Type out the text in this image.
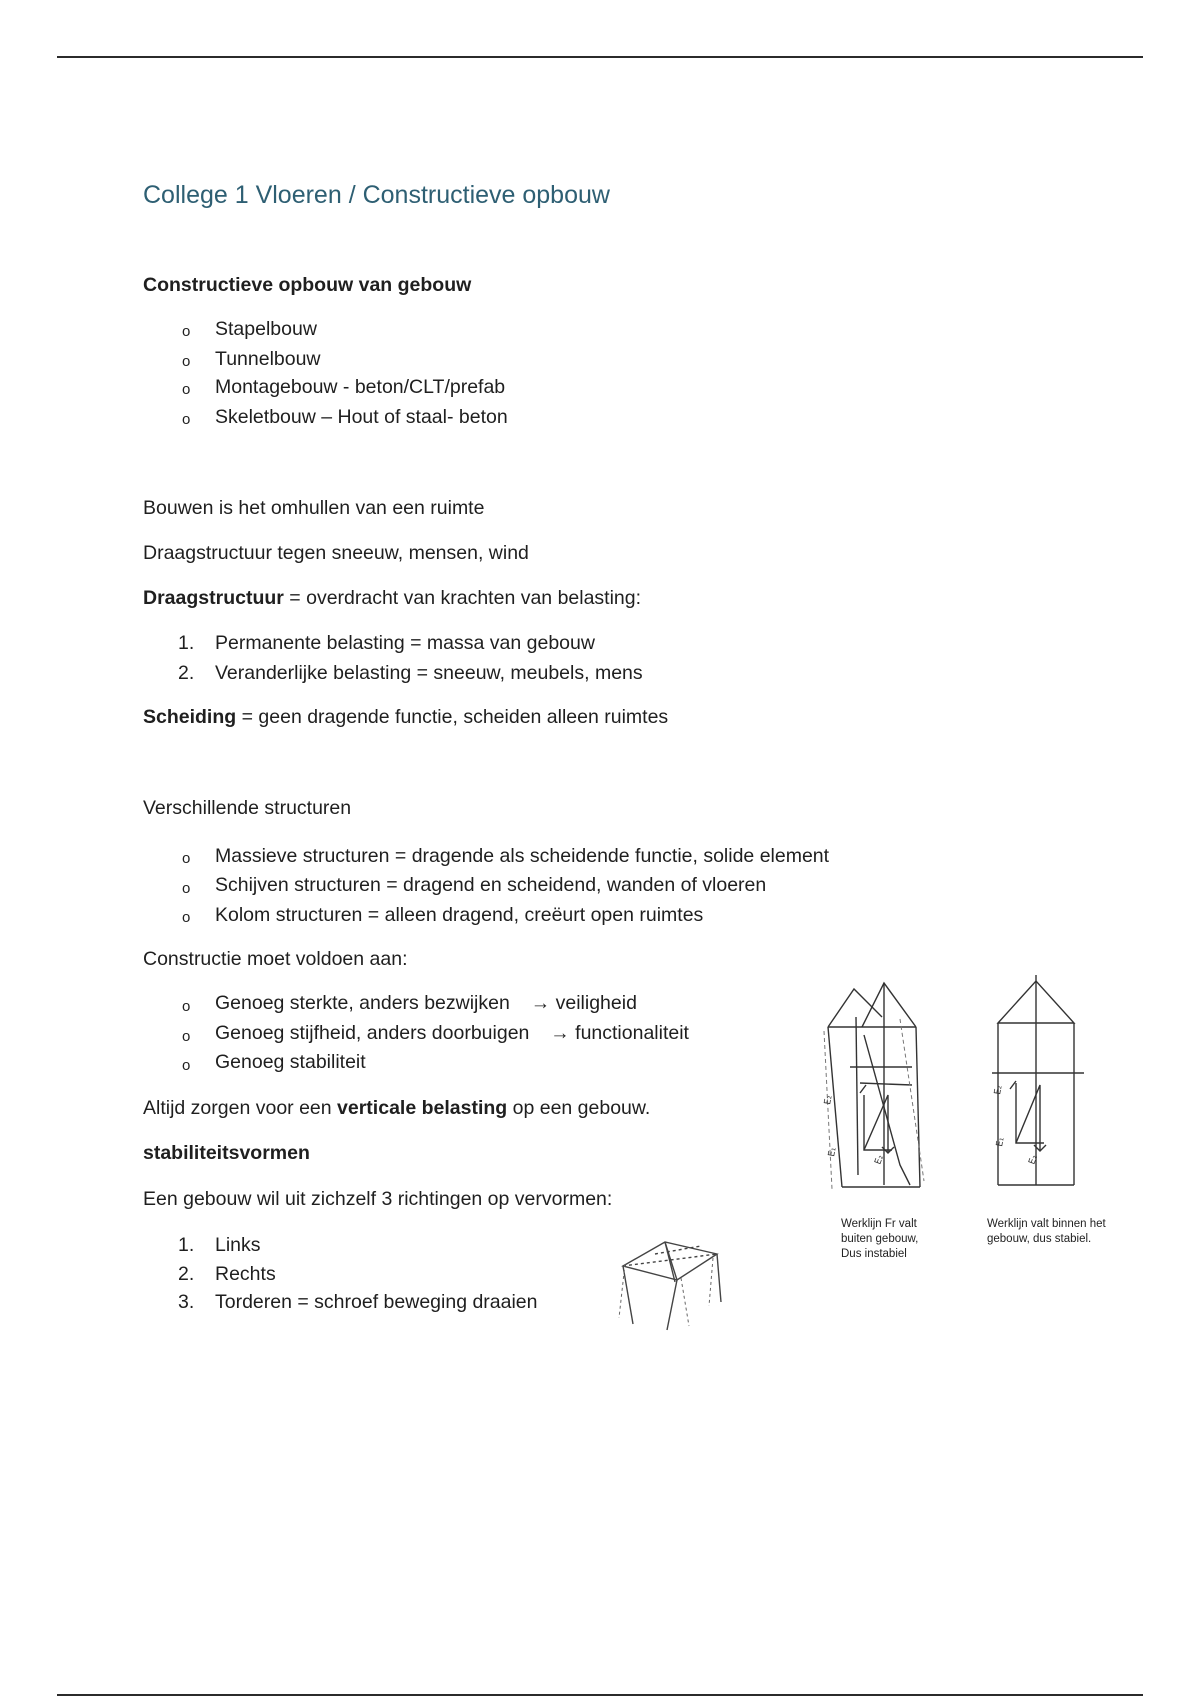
College 1 Vloeren / Constructieve opbouw
Constructieve opbouw van gebouw
o Stapelbouw
o Tunnelbouw
o Montagebouw - beton/CLT/prefab
o Skeletbouw – Hout of staal- beton
Bouwen is het omhullen van een ruimte
Draagstructuur tegen sneeuw, mensen, wind
Draagstructuur = overdracht van krachten van belasting:
1. Permanente belasting = massa van gebouw
2. Veranderlijke belasting = sneeuw, meubels, mens
Scheiding = geen dragende functie, scheiden alleen ruimtes
Verschillende structuren
o Massieve structuren = dragende als scheidende functie, solide element
o Schijven structuren = dragend en scheidend, wanden of vloeren
o Kolom structuren = alleen dragend, creëurt open ruimtes
Constructie moet voldoen aan:
o Genoeg sterkte, anders bezwijken → veiligheid
o Genoeg stijfheid, anders doorbuigen → functionaliteit
o Genoeg stabiliteit
Altijd zorgen voor een verticale belasting op een gebouw.
stabiliteitsvormen
Een gebouw wil uit zichzelf 3 richtingen op vervormen:
1. Links
2. Rechts
3. Torderen = schroef beweging draaien
E₂
E₁
E₂
E₂
E₁
E₂
Werklijn Fr valt
buiten gebouw,
Dus instabiel
Werklijn valt binnen het
gebouw, dus stabiel.
